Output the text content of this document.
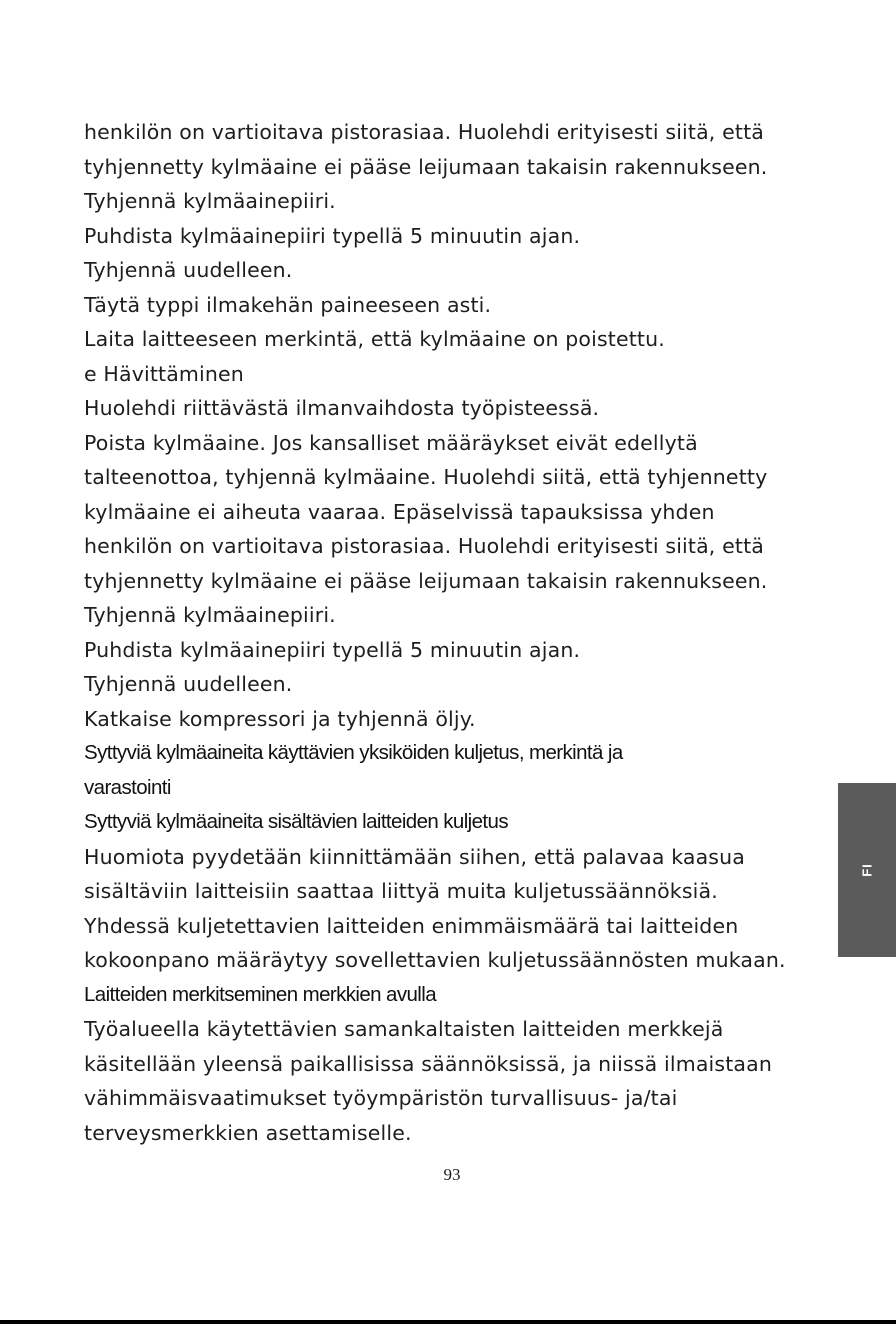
henkilön on vartioitava pistorasiaa. Huolehdi erityisesti siitä, että
tyhjennetty kylmäaine ei pääse leijumaan takaisin rakennukseen.
Tyhjennä kylmäainepiiri.
Puhdista kylmäainepiiri typellä 5 minuutin ajan.
Tyhjennä uudelleen.
Täytä typpi ilmakehän paineeseen asti.
Laita laitteeseen merkintä, että kylmäaine on poistettu.
e Hävittäminen
Huolehdi riittävästä ilmanvaihdosta työpisteessä.
Poista kylmäaine. Jos kansalliset määräykset eivät edellytä
talteenottoa, tyhjennä kylmäaine. Huolehdi siitä, että tyhjennetty
kylmäaine ei aiheuta vaaraa. Epäselvissä tapauksissa yhden
henkilön on vartioitava pistorasiaa. Huolehdi erityisesti siitä, että
tyhjennetty kylmäaine ei pääse leijumaan takaisin rakennukseen.
Tyhjennä kylmäainepiiri.
Puhdista kylmäainepiiri typellä 5 minuutin ajan.
Tyhjennä uudelleen.
Katkaise kompressori ja tyhjennä öljy.
Syttyviä kylmäaineita käyttävien yksiköiden kuljetus, merkintä ja
varastointi
Syttyviä kylmäaineita sisältävien laitteiden kuljetus
Huomiota pyydetään kiinnittämään siihen, että palavaa kaasua
sisältäviin laitteisiin saattaa liittyä muita kuljetussäännöksiä.
Yhdessä kuljetettavien laitteiden enimmäismäärä tai laitteiden
kokoonpano määräytyy sovellettavien kuljetussäännösten mukaan.
Laitteiden merkitseminen merkkien avulla
Työalueella käytettävien samankaltaisten laitteiden merkkejä
käsitellään yleensä paikallisissa säännöksissä, ja niissä ilmaistaan
vähimmäisvaatimukset työympäristön turvallisuus- ja/tai
terveysmerkkien asettamiselle.
93
FI
